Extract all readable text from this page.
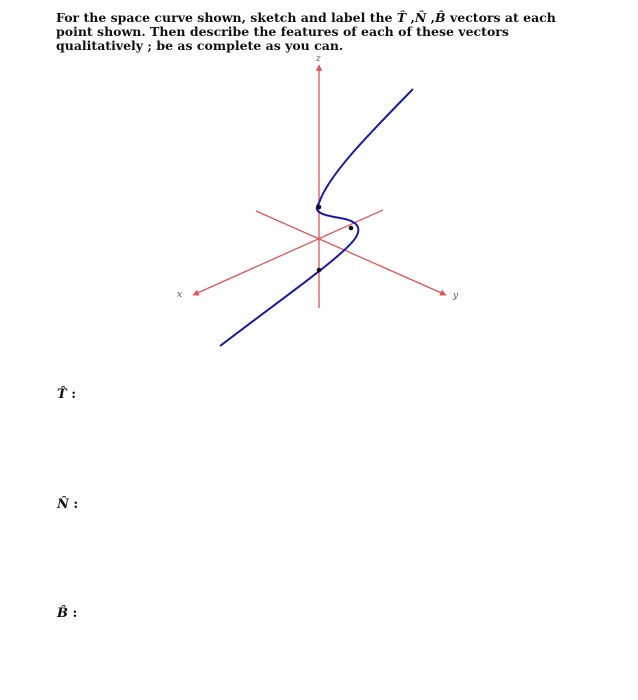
For the space curve shown, sketch and label the T̂ ,N̂ ,B̂ vectors at each point shown. Then describe the features of each of these vectors qualitatively ; be as complete as you can.
z
x	y
T̂ :
N̂ :
B̂ :
